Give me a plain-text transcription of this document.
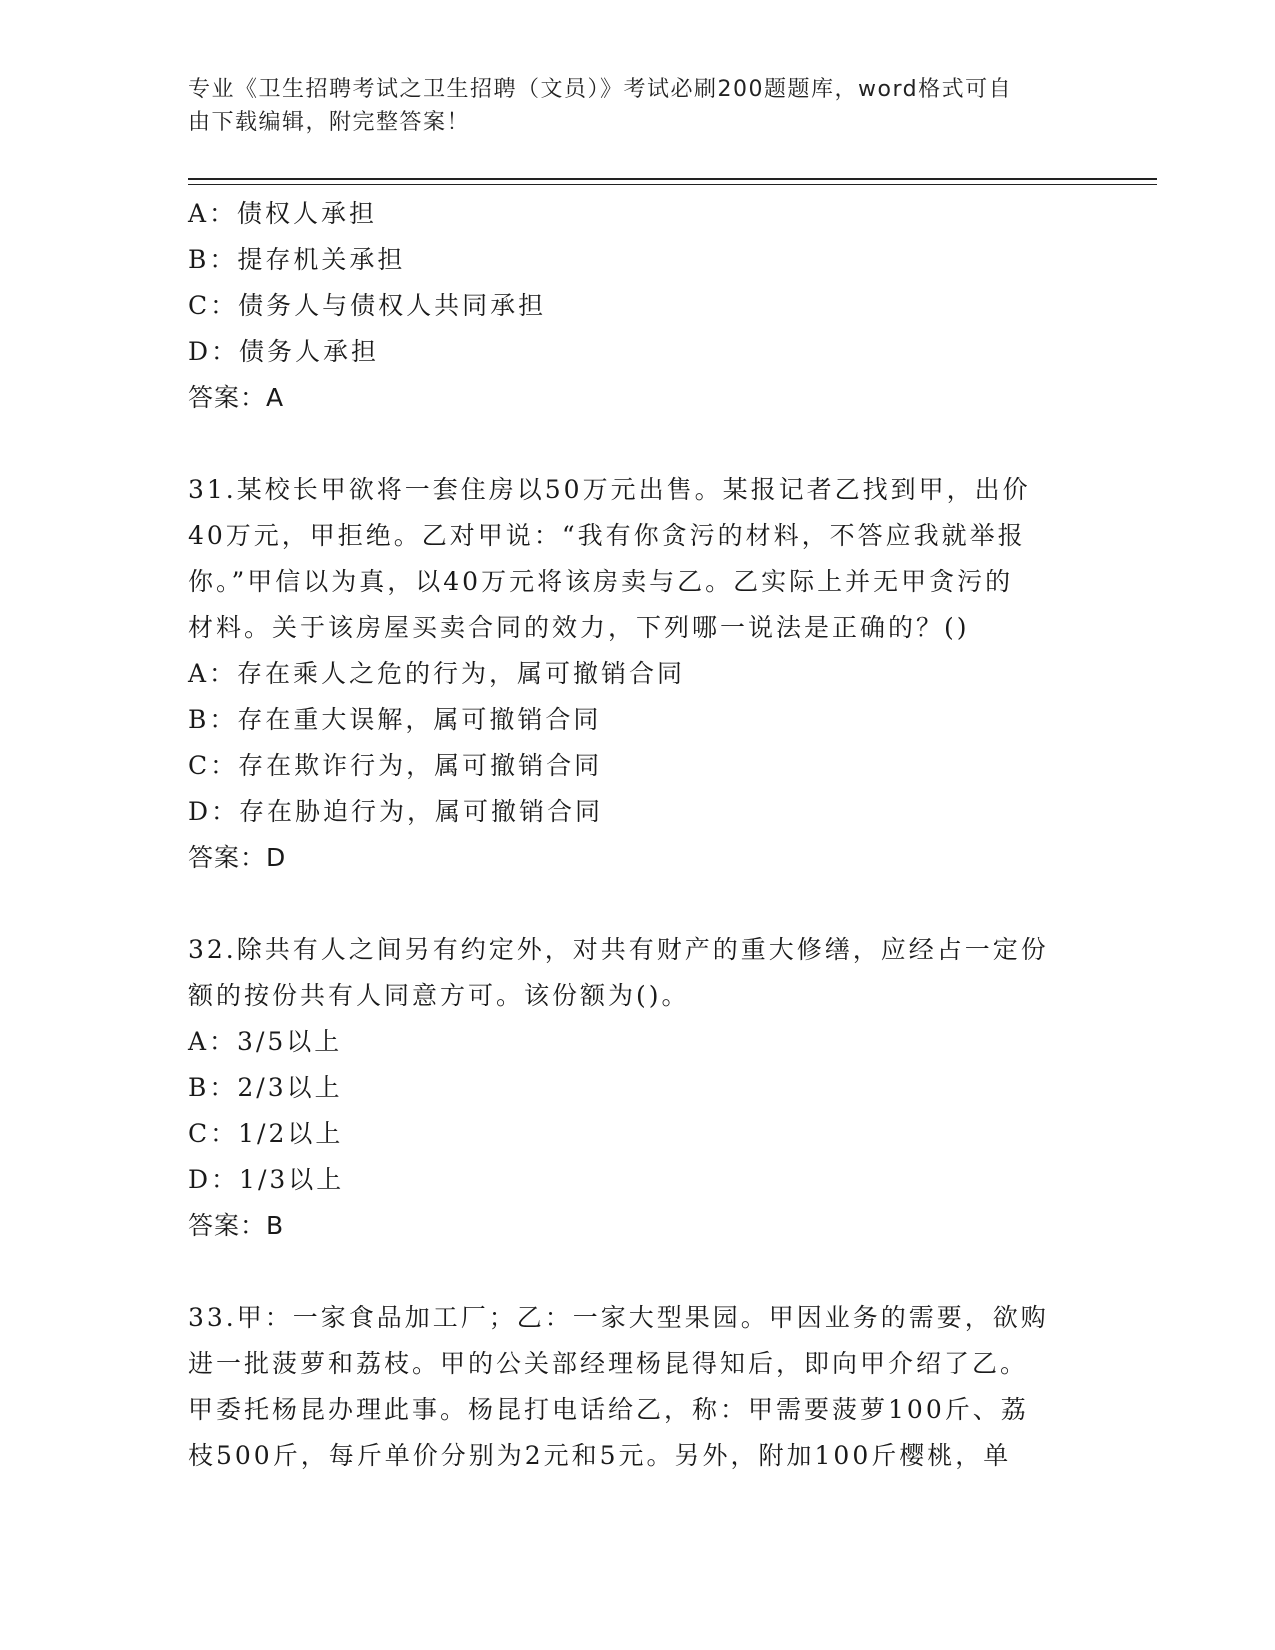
专业《卫生招聘考试之卫生招聘（文员）》考试必刷200题题库，word格式可自
由下载编辑，附完整答案！
A：债权人承担
B：提存机关承担
C：债务人与债权人共同承担
D：债务人承担
答案：A
31.某校长甲欲将一套住房以50万元出售。某报记者乙找到甲，出价
40万元，甲拒绝。乙对甲说：“我有你贪污的材料，不答应我就举报
你。”甲信以为真，以40万元将该房卖与乙。乙实际上并无甲贪污的
材料。关于该房屋买卖合同的效力，下列哪一说法是正确的？()
A：存在乘人之危的行为，属可撤销合同
B：存在重大误解，属可撤销合同
C：存在欺诈行为，属可撤销合同
D：存在胁迫行为，属可撤销合同
答案：D
32.除共有人之间另有约定外，对共有财产的重大修缮，应经占一定份
额的按份共有人同意方可。该份额为()。
A：3/5以上
B：2/3以上
C：1/2以上
D：1/3以上
答案：B
33.甲：一家食品加工厂；乙：一家大型果园。甲因业务的需要，欲购
进一批菠萝和荔枝。甲的公关部经理杨昆得知后，即向甲介绍了乙。
甲委托杨昆办理此事。杨昆打电话给乙，称：甲需要菠萝100斤、荔
枝500斤，每斤单价分别为2元和5元。另外，附加100斤樱桃，单
